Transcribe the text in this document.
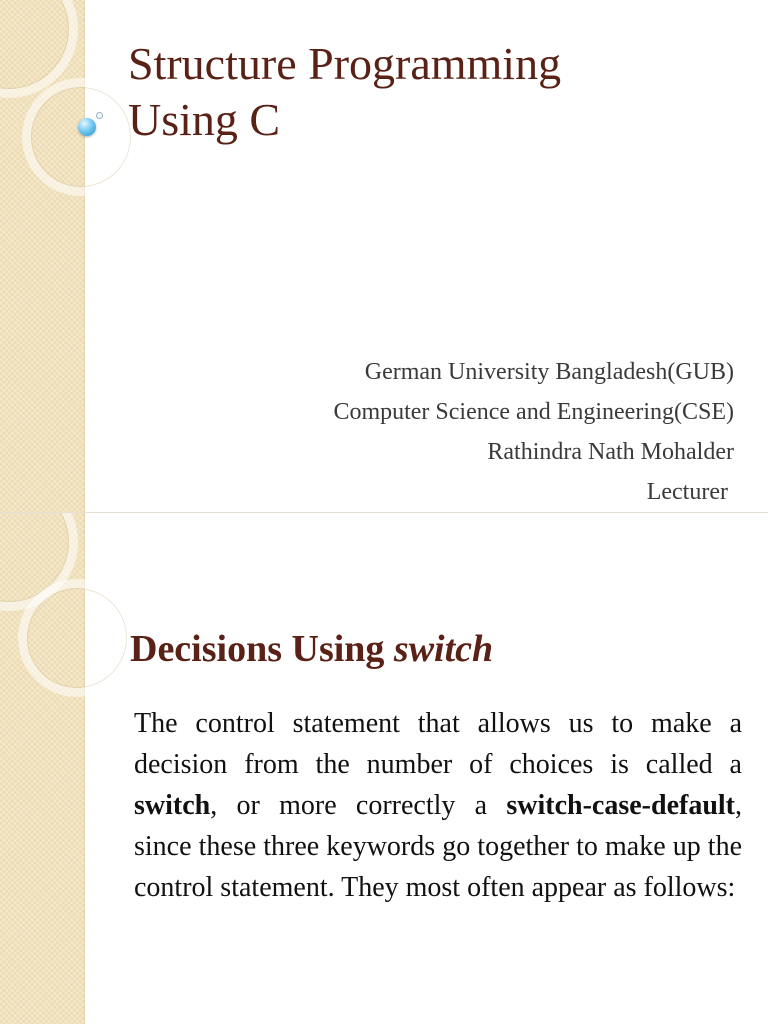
Structure Programming
Using C
German University Bangladesh(GUB)
Computer Science and Engineering(CSE)
Rathindra Nath Mohalder
Lecturer
Decisions Using switch

The control statement that allows us to make a decision from the number of choices is called a switch, or more correctly a switch-case-default, since these three keywords go together to make up the control statement. They most often appear as follows:
